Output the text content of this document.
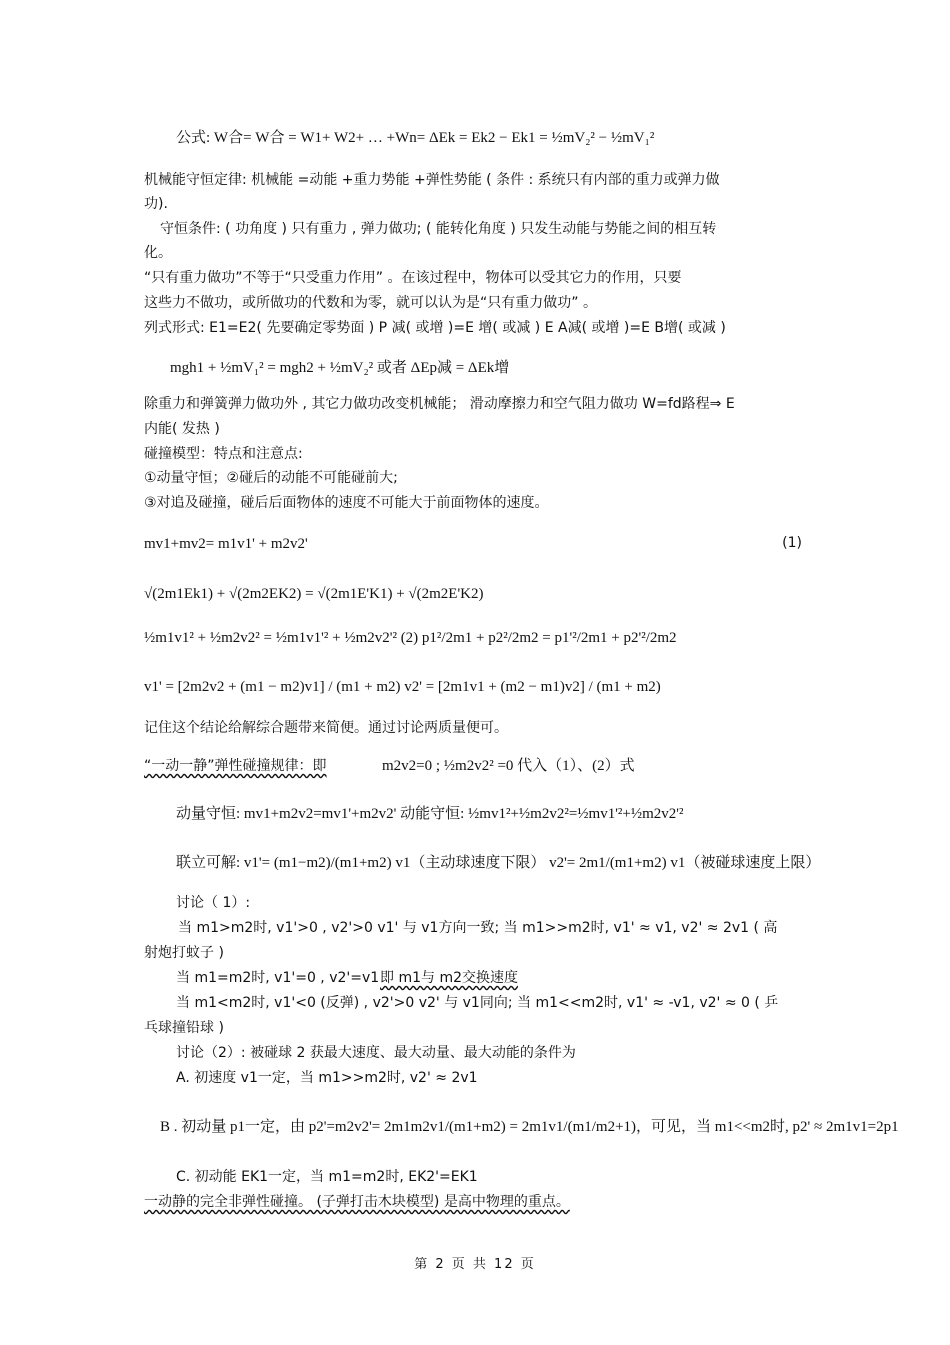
公式: W合= W合 = W1+ W2+ … +Wn= ΔEk = Ek2 − Ek1 = ½mV₂² − ½mV₁²
机械能守恒定律: 机械能 =动能 +重力势能 +弹性势能 ( 条件 : 系统只有内部的重力或弹力做
功).
守恒条件: ( 功角度 ) 只有重力 , 弹力做功; ( 能转化角度 ) 只发生动能与势能之间的相互转
化。
“只有重力做功”不等于“只受重力作用” 。在该过程中，物体可以受其它力的作用，只要
这些力不做功，或所做功的代数和为零，就可以认为是“只有重力做功” 。
列式形式: E1=E2( 先要确定零势面 ) P 减( 或增 )=E 增( 或减 ) E A减( 或增 )=E B增( 或减 )
mgh1 + ½mV₁² = mgh2 + ½mV₂² 或者 ΔEp减 = ΔEk增
除重力和弹簧弹力做功外 , 其它力做功改变机械能； 滑动摩擦力和空气阻力做功 W=fd路程⇒ E
内能( 发热 )
碰撞模型：特点和注意点:
①动量守恒；②碰后的动能不可能碰前大;
③对追及碰撞，碰后后面物体的速度不可能大于前面物体的速度。
mv1+mv2= m1v1' + m2v2'	(1)
√(2m1Ek1) + √(2m2EK2) = √(2m1E'K1) + √(2m2E'K2)
½m1v1² + ½m2v2² = ½m1v1'² + ½m2v2'² (2) p1²/2m1 + p2²/2m2 = p1'²/2m1 + p2'²/2m2
v1' = [2m2v2 + (m1 − m2)v1] / (m1 + m2) v2' = [2m1v1 + (m2 − m1)v2] / (m1 + m2)
记住这个结论给解综合题带来简便。通过讨论两质量便可。
“一动一静”弹性碰撞规律：即	m2v2=0 ; ½m2v2² =0 代入（1）、(2）式
动量守恒: mv1+m2v2=mv1'+m2v2' 动能守恒: ½mv1²+½m2v2²=½mv1'²+½m2v2'²
联立可解: v1'= (m1−m2)/(m1+m2) v1（主动球速度下限） v2'= 2m1/(m1+m2) v1（被碰球速度上限）
讨论（ 1）:
当 m1>m2时, v1'>0 , v2'>0 v1' 与 v1方向一致; 当 m1>>m2时, v1' ≈ v1, v2' ≈ 2v1 ( 高
射炮打蚊子 )
当 m1=m2时, v1'=0 , v2'=v1 即 m1与 m2交换速度
当 m1<m2时, v1'<0 (反弹) , v2'>0 v2' 与 v1同向; 当 m1<<m2时, v1' ≈ -v1, v2' ≈ 0 ( 乒
乓球撞铅球 )
讨论（2）: 被碰球 2 获最大速度、最大动量、最大动能的条件为
A. 初速度 v1一定，当 m1>>m2时, v2' ≈ 2v1
B . 初动量 p1一定，由 p2'=m2v2'= 2m1m2v1/(m1+m2) = 2m1v1/(m1/m2+1)，可见，当 m1<<m2时, p2' ≈ 2m1v1=2p1
C. 初动能 EK1一定，当 m1=m2时, EK2'=EK1
一动静的完全非弹性碰撞。 (子弹打击木块模型) 是高中物理的重点。
第 2 页 共 12 页
